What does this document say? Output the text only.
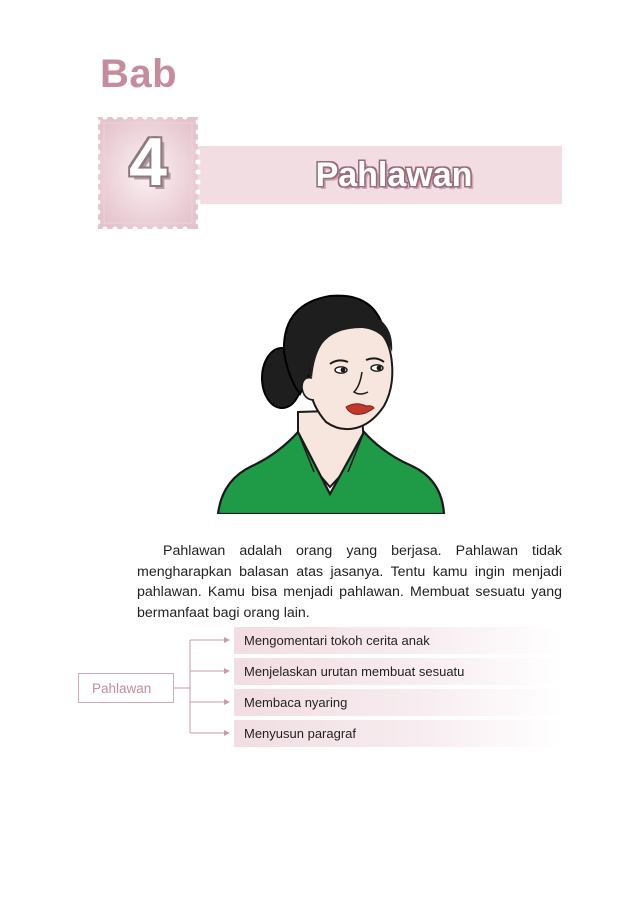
Bab
4	Pahlawan

Pahlawan adalah orang yang berjasa. Pahlawan tidak mengharapkan balasan atas jasanya. Tentu kamu ingin menjadi pahlawan. Kamu bisa menjadi pahlawan. Membuat sesuatu yang bermanfaat bagi orang lain.

Pahlawan
Mengomentari tokoh cerita anak
Menjelaskan urutan membuat sesuatu
Membaca nyaring
Menyusun paragraf
